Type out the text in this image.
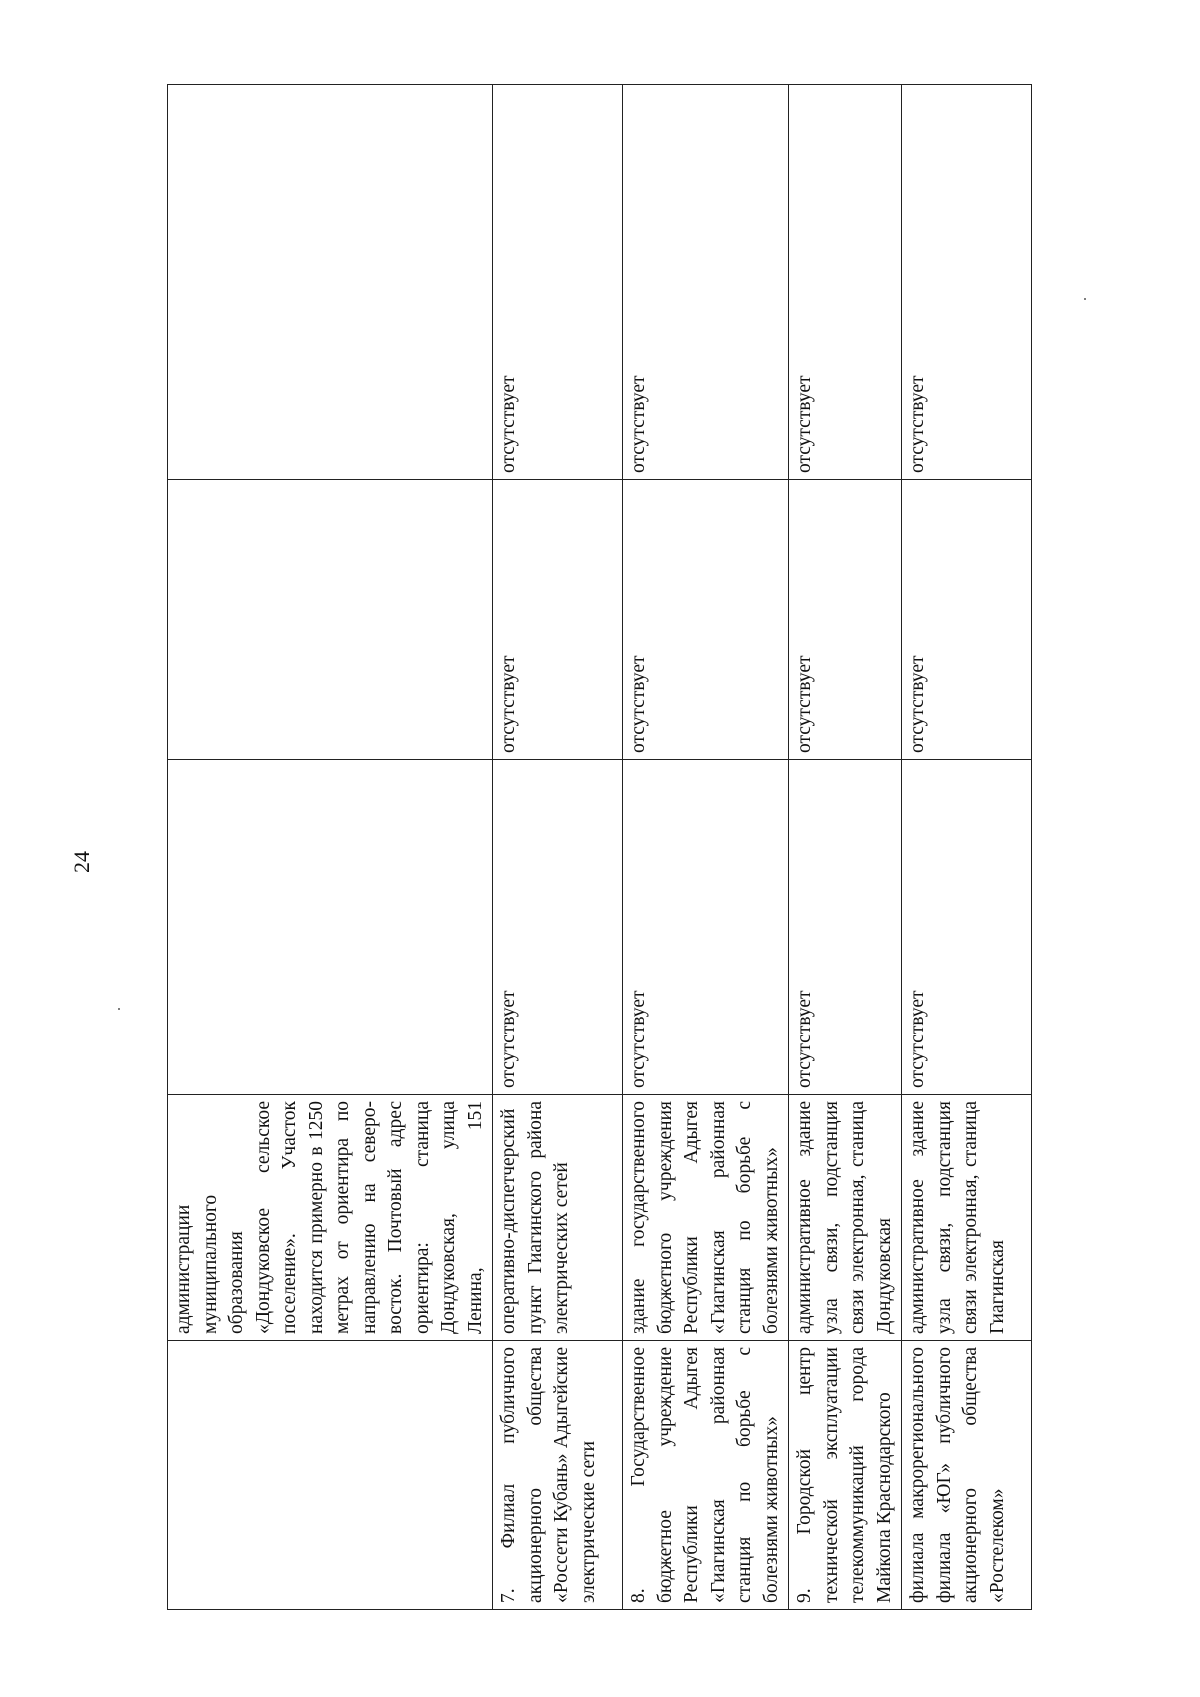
24
	администрации муниципального образования «Дондуковское сельское поселение». Участок находится примерно в 1250 метрах от ориентира по направлению на северо-восток. Почтовый адрес ориентира: станица Дондуковская, улица Ленина, 151			
7. Филиал публичного акционерного общества «Россети Кубань» Адыгейские электрические сети	оперативно-диспетчерский пункт Гиагинского района электрических сетей	отсутствует	отсутствует	отсутствует
8. Государственное бюджетное учреждение Республики Адыгея «Гиагинская районная станция по борьбе с болезнями животных»	здание государственного бюджетного учреждения Республики Адыгея «Гиагинская районная станция по борьбе с болезнями животных»	отсутствует	отсутствует	отсутствует
9. Городской центр технической эксплуатации телекоммуникаций города Майкопа Краснодарского	административное здание узла связи, подстанция связи электронная, станица Дондуковская	отсутствует	отсутствует	отсутствует
филиала макрорегионального филиала «ЮГ» публичного акционерного общества «Ростелеком»	административное здание узла связи, подстанция связи электронная, станица Гиагинская	отсутствует	отсутствует	отсутствует
